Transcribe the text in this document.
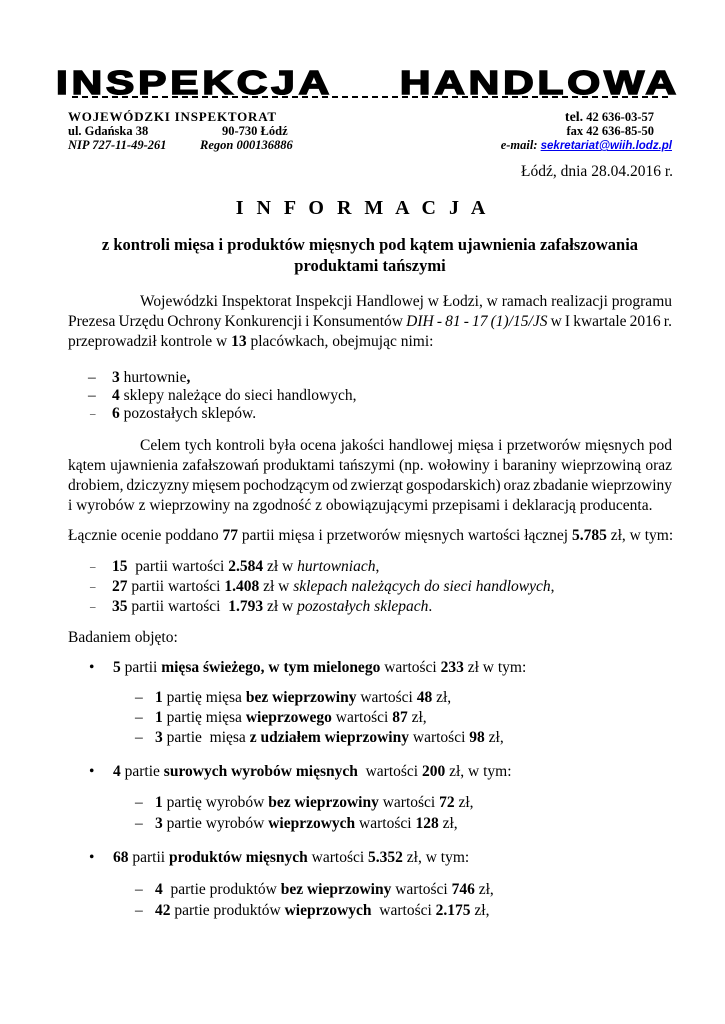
INSPEKCJA HANDLOWA
WOJEWÓDZKI INSPEKTORAT
ul. Gdańska 38	90-730 Łódź
NIP 727-11-49-261	Regon 000136886
tel. 42 636-03-57
fax 42 636-85-50
e-mail: sekretariat@wiih.lodz.pl
Łódź, dnia 28.04.2016 r.
I N F O R M A C J A
z kontroli mięsa i produktów mięsnych pod kątem ujawnienia zafałszowania
produktami tańszymi
Wojewódzki Inspektorat Inspekcji Handlowej w Łodzi, w ramach realizacji programu
Prezesa Urzędu Ochrony Konkurencji i Konsumentów DIH - 81 - 17 (1)/15/JS w I kwartale 2016 r.
przeprowadził kontrole w 13 placówkach, obejmując nimi:
– 3 hurtownie,
– 4 sklepy należące do sieci handlowych,
– 6 pozostałych sklepów.
Celem tych kontroli była ocena jakości handlowej mięsa i przetworów mięsnych pod
kątem ujawnienia zafałszowań produktami tańszymi (np. wołowiny i baraniny wieprzowiną oraz
drobiem, dziczyzny mięsem pochodzącym od zwierząt gospodarskich) oraz zbadanie wieprzowiny
i wyrobów z wieprzowiny na zgodność z obowiązującymi przepisami i deklaracją producenta.
Łącznie ocenie poddano 77 partii mięsa i przetworów mięsnych wartości łącznej 5.785 zł, w tym:
– 15  partii wartości 2.584 zł w hurtowniach,
– 27 partii wartości 1.408 zł w sklepach należących do sieci handlowych,
– 35 partii wartości  1.793 zł w pozostałych sklepach.
Badaniem objęto:
• 5 partii mięsa świeżego, w tym mielonego wartości 233 zł w tym:
– 1 partię mięsa bez wieprzowiny wartości 48 zł,
– 1 partię mięsa wieprzowego wartości 87 zł,
– 3 partie  mięsa z udziałem wieprzowiny wartości 98 zł,
• 4 partie surowych wyrobów mięsnych  wartości 200 zł, w tym:
– 1 partię wyrobów bez wieprzowiny wartości 72 zł,
– 3 partie wyrobów wieprzowych wartości 128 zł,
• 68 partii produktów mięsnych wartości 5.352 zł, w tym:
– 4  partie produktów bez wieprzowiny wartości 746 zł,
– 42 partie produktów wieprzowych  wartości 2.175 zł,
